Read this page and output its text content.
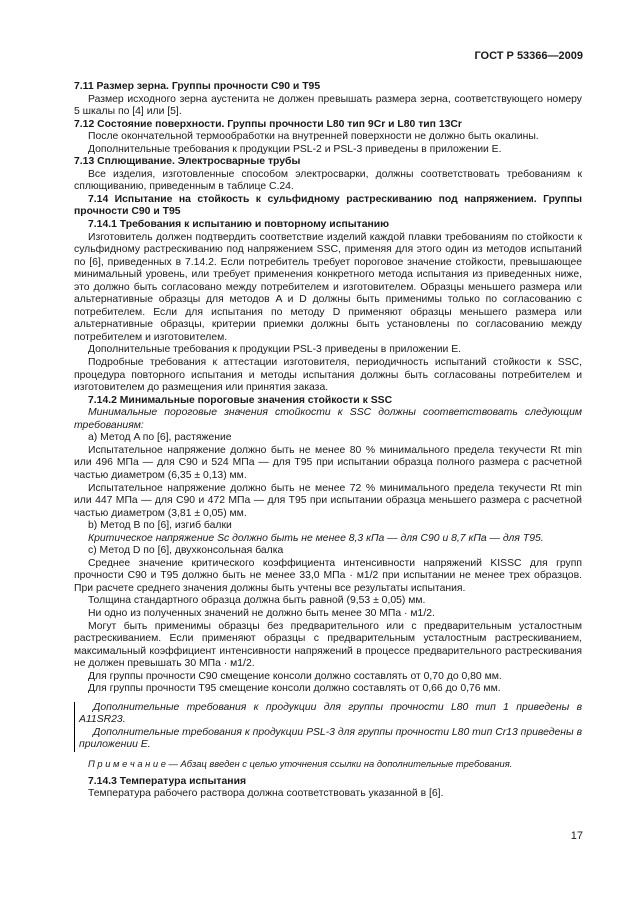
ГОСТ Р 53366—2009

7.11 Размер зерна. Группы прочности C90 и T95

Размер исходного зерна аустенита не должен превышать размера зерна, соответствующего номеру 5 шкалы по [4] или [5].

7.12 Состояние поверхности. Группы прочности L80 тип 9Cr и L80 тип 13Cr

После окончательной термообработки на внутренней поверхности не должно быть окалины.

Дополнительные требования к продукции PSL-2 и PSL-3 приведены в приложении E.

7.13 Сплющивание. Электросварные трубы

Все изделия, изготовленные способом электросварки, должны соответствовать требованиям к сплющиванию, приведенным в таблице C.24.

7.14 Испытание на стойкость к сульфидному растрескиванию под напряжением. Группы прочности C90 и T95

7.14.1 Требования к испытанию и повторному испытанию

Изготовитель должен подтвердить соответствие изделий каждой плавки требованиям по стойкости к сульфидному растрескиванию под напряжением SSC, применяя для этого один из методов испытаний по [6], приведенных в 7.14.2. Если потребитель требует пороговое значение стойкости, превышающее минимальный уровень, или требует применения конкретного метода испытания из приведенных ниже, это должно быть согласовано между потребителем и изготовителем. Образцы меньшего размера или альтернативные образцы для методов A и D должны быть применимы только по согласованию с потребителем. Если для испытания по методу D применяют образцы меньшего размера или альтернативные образцы, критерии приемки должны быть установлены по согласованию между потребителем и изготовителем.

Дополнительные требования к продукции PSL-3 приведены в приложении E.

Подробные требования к аттестации изготовителя, периодичность испытаний стойкости к SSC, процедура повторного испытания и методы испытания должны быть согласованы потребителем и изготовителем до размещения или принятия заказа.

7.14.2 Минимальные пороговые значения стойкости к SSC

Минимальные пороговые значения стойкости к SSC должны соответствовать следующим требованиям:

а) Метод A по [6], растяжение

Испытательное напряжение должно быть не менее 80 % минимального предела текучести Rt min или 496 МПа — для C90 и 524 МПа — для T95 при испытании образца полного размера с расчетной частью диаметром (6,35 ± 0,13) мм.

Испытательное напряжение должно быть не менее 72 % минимального предела текучести Rt min или 447 МПа — для C90 и 472 МПа — для T95 при испытании образца меньшего размера с расчетной частью диаметром (3,81 ± 0,05) мм.

b) Метод B по [6], изгиб балки

Критическое напряжение Sc должно быть не менее 8,3 кПа — для C90 и 8,7 кПа — для T95.

c) Метод D по [6], двухконсольная балка

Среднее значение критического коэффициента интенсивности напряжений KISSC для групп прочности C90 и T95 должно быть не менее 33,0 МПа · м1/2 при испытании не менее трех образцов. При расчете среднего значения должны быть учтены все результаты испытания.

Толщина стандартного образца должна быть равной (9,53 ± 0,05) мм.

Ни одно из полученных значений не должно быть менее 30 МПа · м1/2.

Могут быть применимы образцы без предварительного или с предварительным усталостным растрескиванием. Если применяют образцы с предварительным усталостным растрескиванием, максимальный коэффициент интенсивности напряжений в процессе предварительного растрескивания не должен превышать 30 МПа · м1/2.

Для группы прочности C90 смещение консоли должно составлять от 0,70 до 0,80 мм.

Для группы прочности T95 смещение консоли должно составлять от 0,66 до 0,76 мм.

Дополнительные требования к продукции для группы прочности L80 тип 1 приведены в A11SR23.

Дополнительные требования к продукции PSL-3 для группы прочности L80 тип Cr13 приведены в приложении E.

П р и м е ч а н и е — Абзац введен с целью уточнения ссылки на дополнительные требования.

7.14.3 Температура испытания

Температура рабочего раствора должна соответствовать указанной в [6].

17
